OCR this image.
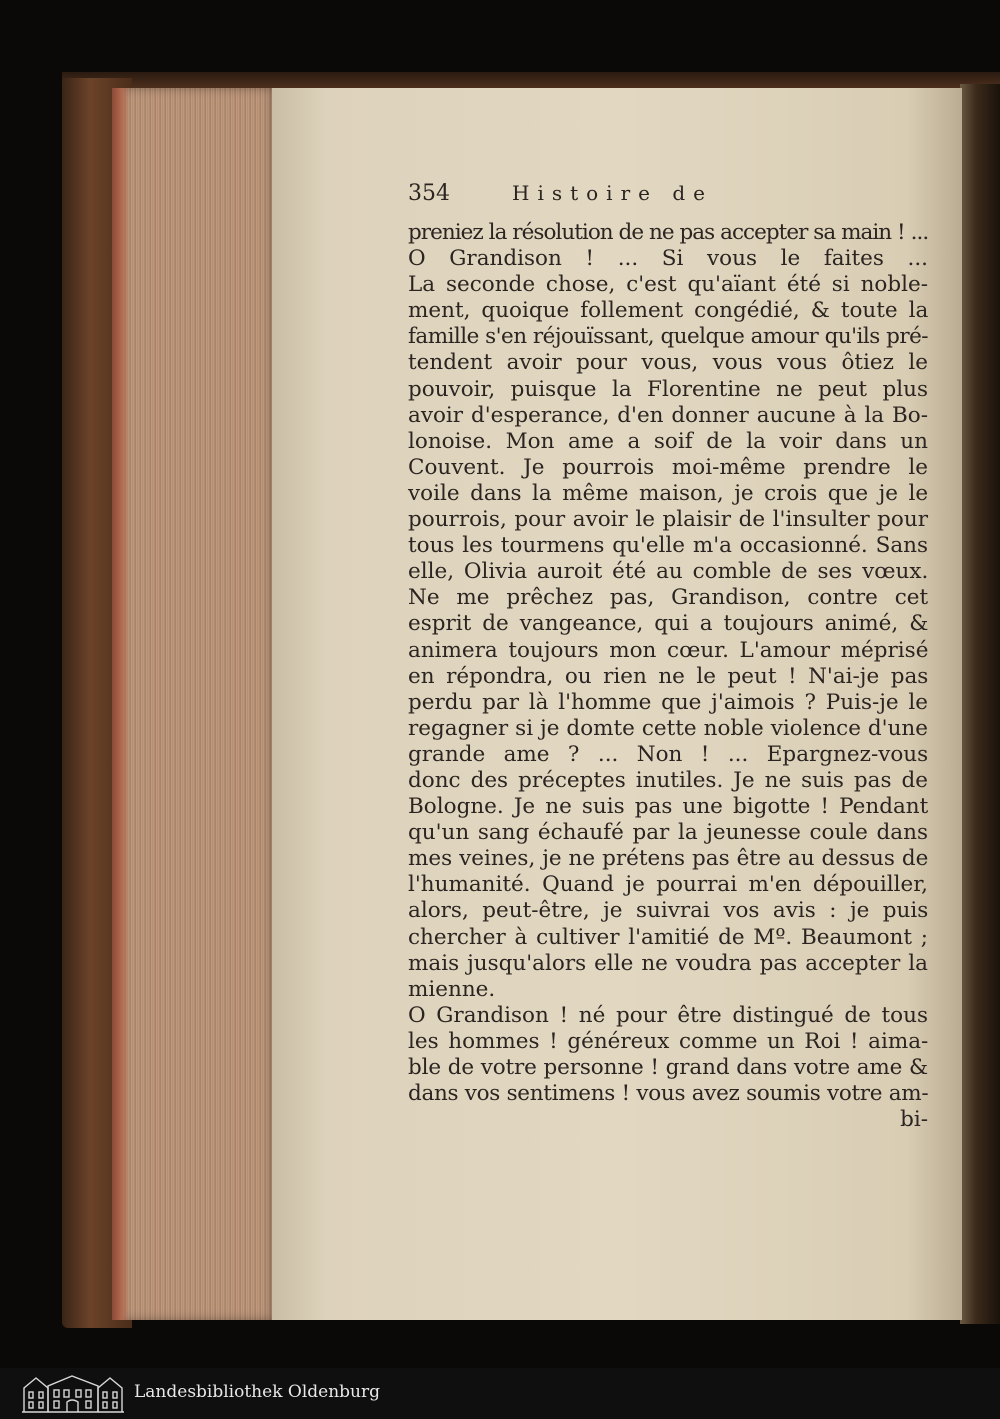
354	Histoire de
preniez la résolution de ne pas accepter sa main ! ...
O Grandison ! ... Si vous le faites ...
La seconde chose, c'est qu'aïant été si noble-
ment, quoique follement congédié, & toute la
famille s'en réjouïssant, quelque amour qu'ils pré-
tendent avoir pour vous, vous vous ôtiez le
pouvoir, puisque la Florentine ne peut plus
avoir d'esperance, d'en donner aucune à la Bo-
lonoise. Mon ame a soif de la voir dans un
Couvent. Je pourrois moi-même prendre le
voile dans la même maison, je crois que je le
pourrois, pour avoir le plaisir de l'insulter pour
tous les tourmens qu'elle m'a occasionné. Sans
elle, Olivia auroit été au comble de ses vœux.
Ne me prêchez pas, Grandison, contre cet
esprit de vangeance, qui a toujours animé, &
animera toujours mon cœur. L'amour méprisé
en répondra, ou rien ne le peut ! N'ai-je pas
perdu par là l'homme que j'aimois ? Puis-je le
regagner si je domte cette noble violence d'une
grande ame ? ... Non ! ... Epargnez-vous
donc des préceptes inutiles. Je ne suis pas de
Bologne. Je ne suis pas une bigotte ! Pendant
qu'un sang échaufé par la jeunesse coule dans
mes veines, je ne prétens pas être au dessus de
l'humanité. Quand je pourrai m'en dépouiller,
alors, peut-être, je suivrai vos avis : je puis
chercher à cultiver l'amitié de Mº. Beaumont ;
mais jusqu'alors elle ne voudra pas accepter la
mienne.
O Grandison ! né pour être distingué de tous
les hommes ! généreux comme un Roi ! aima-
ble de votre personne ! grand dans votre ame &
dans vos sentimens ! vous avez soumis votre am-
bi-
Landesbibliothek Oldenburg
